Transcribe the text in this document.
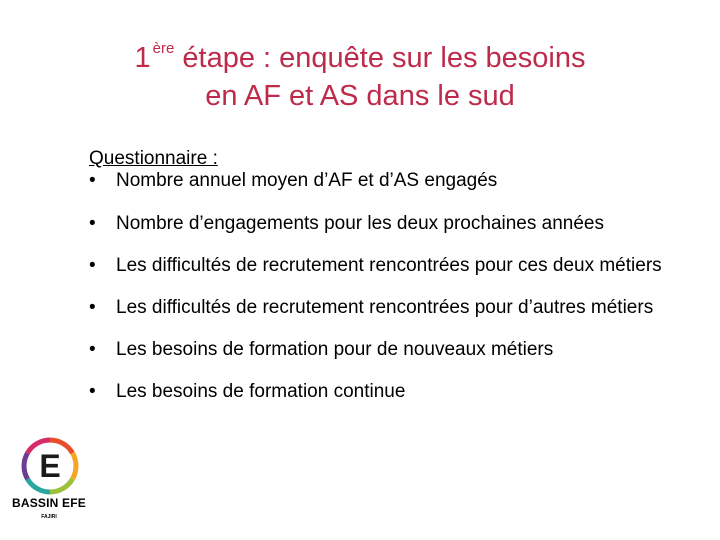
1 $^{ère}$ étape : enquête sur les besoins
en AF et AS dans le sud

Questionnaire :

• Nombre annuel moyen d’AF et d’AS engagés
• Nombre d’engagements pour les deux prochaines années
• Les difficultés de recrutement rencontrées pour ces deux métiers
• Les difficultés de recrutement rencontrées pour d’autres métiers
• Les besoins de formation pour de nouveaux métiers
• Les besoins de formation continue
E
BASSIN EFE
FAJIRI
